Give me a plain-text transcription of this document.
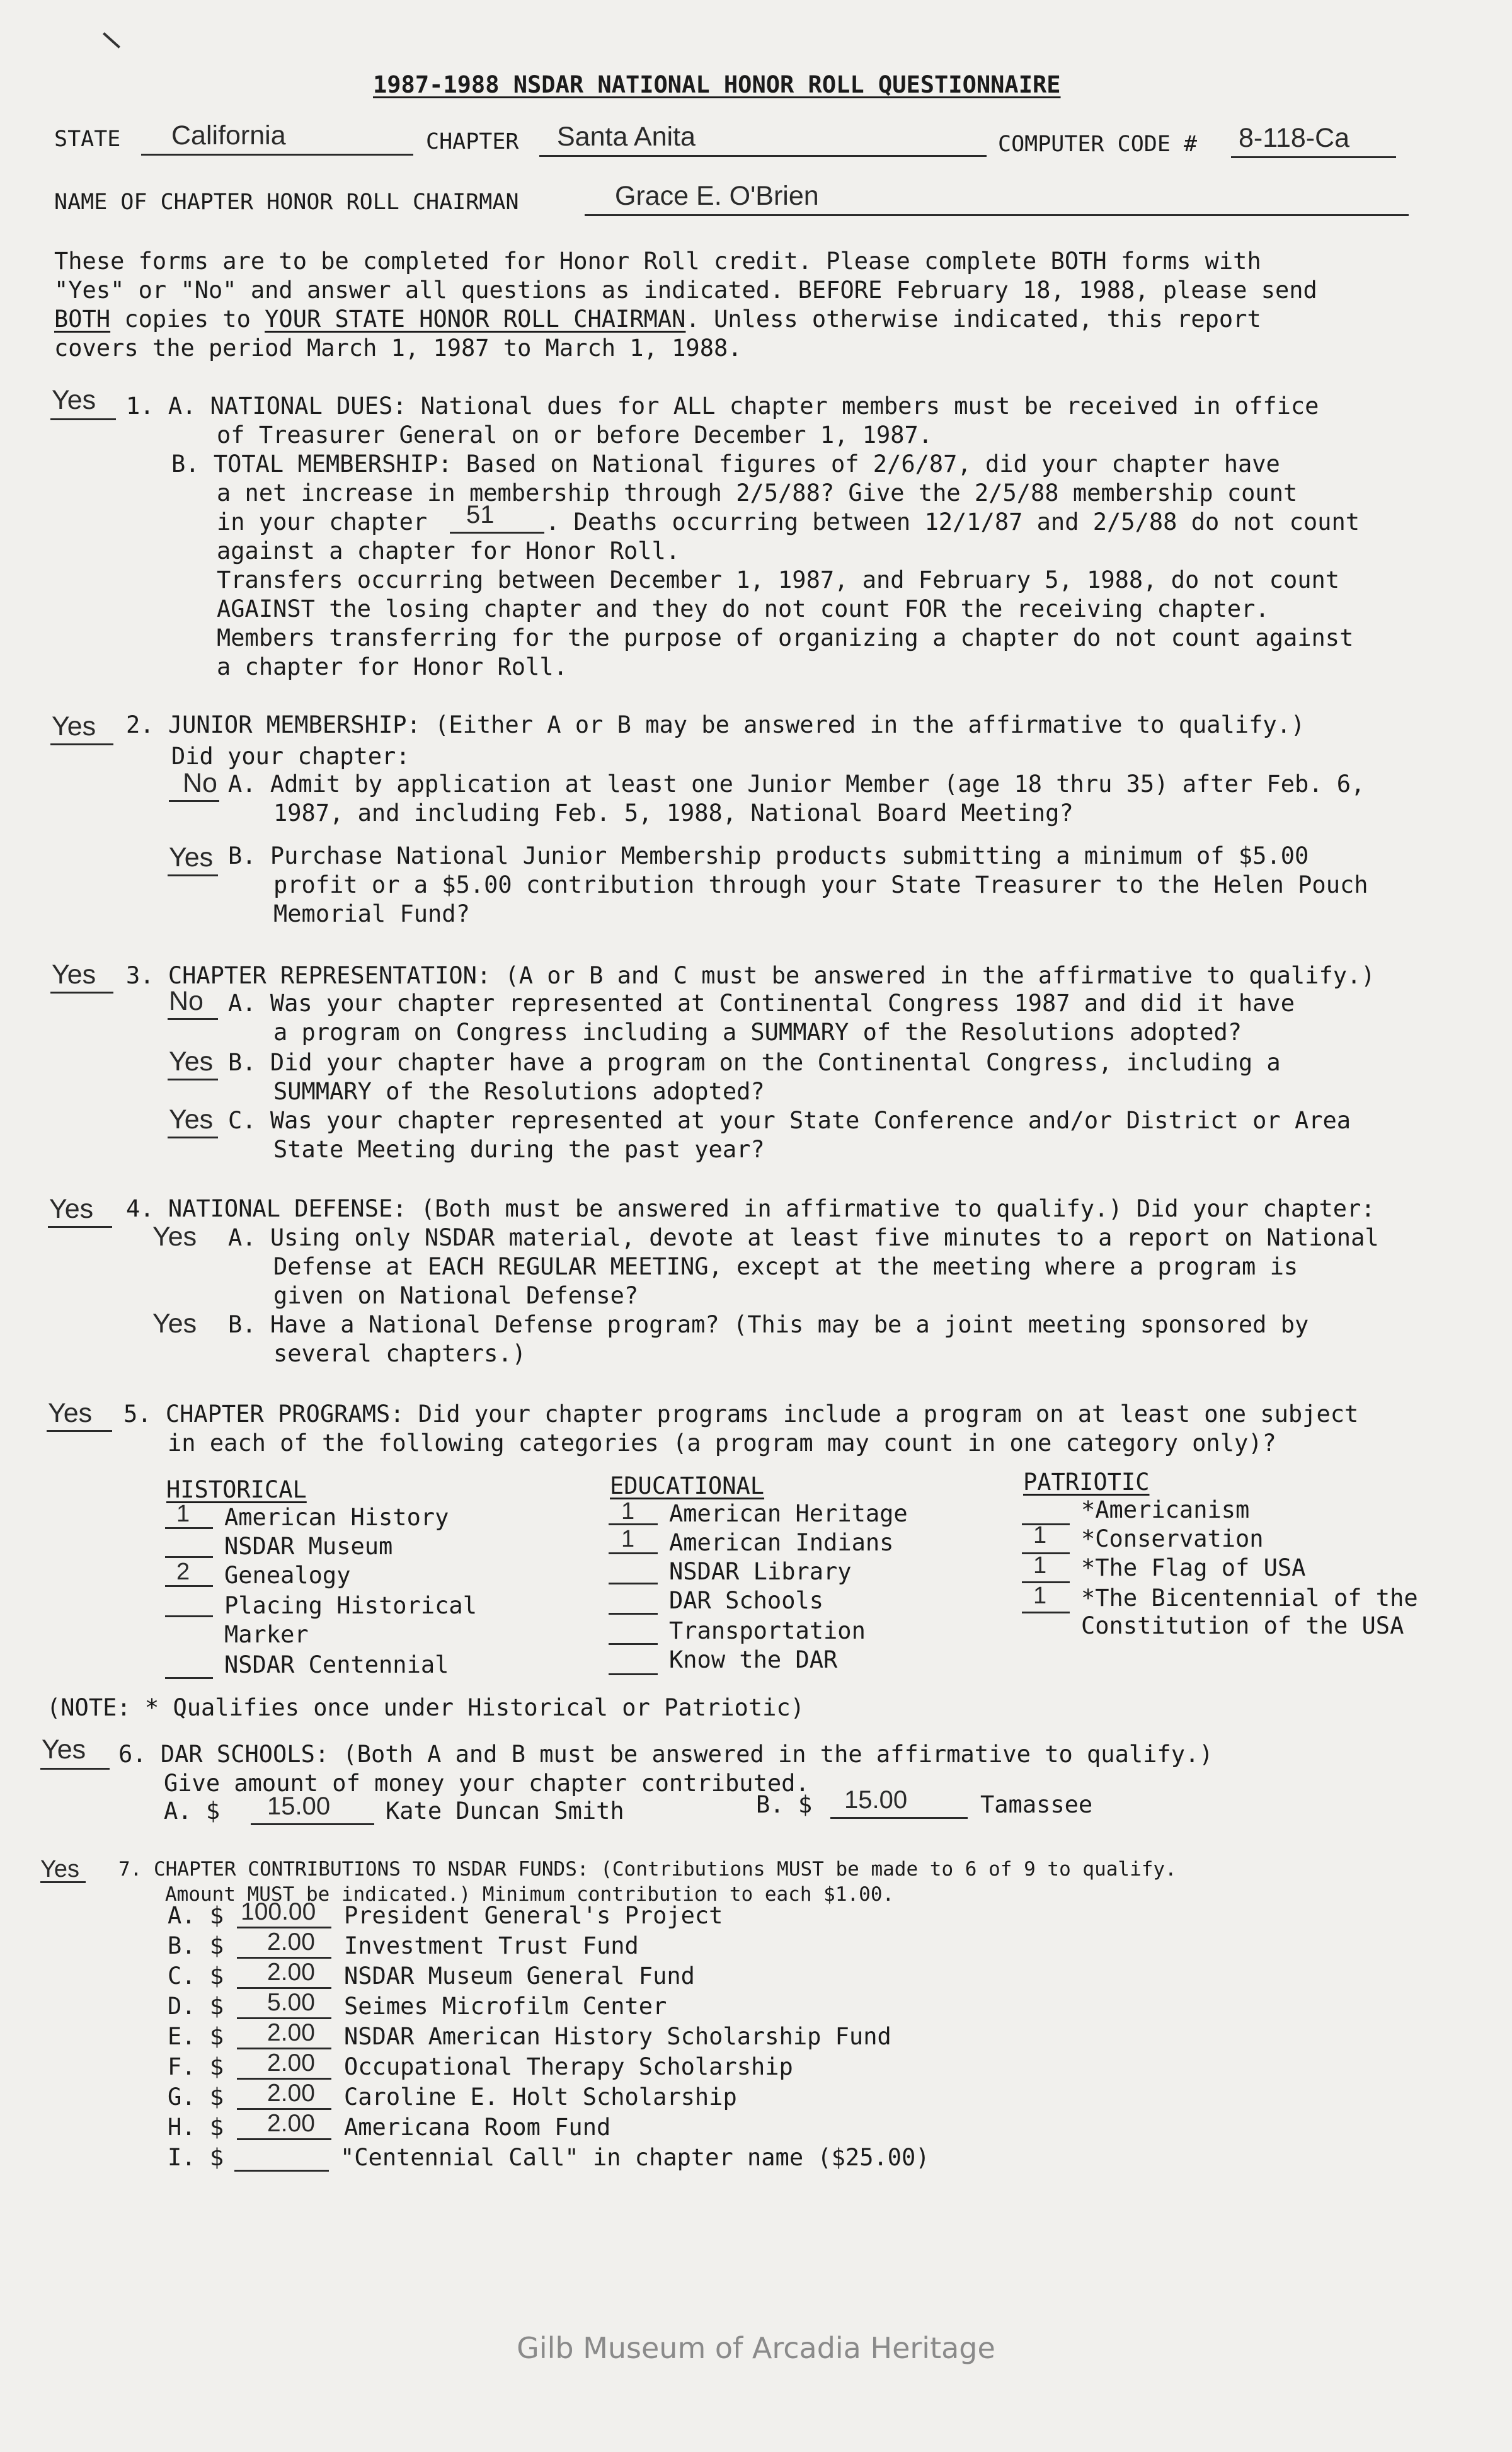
1987-1988 NSDAR NATIONAL HONOR ROLL QUESTIONNAIRE
STATE California	CHAPTER Santa Anita	COMPUTER CODE # 8-118-Ca
NAME OF CHAPTER HONOR ROLL CHAIRMAN	Grace E. O'Brien
These forms are to be completed for Honor Roll credit. Please complete BOTH forms with
"Yes" or "No" and answer all questions as indicated. BEFORE February 18, 1988, please send
BOTH copies to YOUR STATE HONOR ROLL CHAIRMAN. Unless otherwise indicated, this report
covers the period March 1, 1987 to March 1, 1988.
Yes 1. A. NATIONAL DUES: National dues for ALL chapter members must be received in office
of Treasurer General on or before December 1, 1987.
B. TOTAL MEMBERSHIP: Based on National figures of 2/6/87, did your chapter have
a net increase in membership through 2/5/88? Give the 2/5/88 membership count
in your chapter 51 . Deaths occurring between 12/1/87 and 2/5/88 do not count
against a chapter for Honor Roll.
Transfers occurring between December 1, 1987, and February 5, 1988, do not count
AGAINST the losing chapter and they do not count FOR the receiving chapter.
Members transferring for the purpose of organizing a chapter do not count against
a chapter for Honor Roll.
Yes 2. JUNIOR MEMBERSHIP: (Either A or B may be answered in the affirmative to qualify.)
Did your chapter:
No A. Admit by application at least one Junior Member (age 18 thru 35) after Feb. 6,
1987, and including Feb. 5, 1988, National Board Meeting?
Yes B. Purchase National Junior Membership products submitting a minimum of $5.00
profit or a $5.00 contribution through your State Treasurer to the Helen Pouch
Memorial Fund?
Yes 3. CHAPTER REPRESENTATION: (A or B and C must be answered in the affirmative to qualify.)
No A. Was your chapter represented at Continental Congress 1987 and did it have
a program on Congress including a SUMMARY of the Resolutions adopted?
Yes B. Did your chapter have a program on the Continental Congress, including a
SUMMARY of the Resolutions adopted?
Yes C. Was your chapter represented at your State Conference and/or District or Area
State Meeting during the past year?
Yes 4. NATIONAL DEFENSE: (Both must be answered in affirmative to qualify.) Did your chapter:
Yes A. Using only NSDAR material, devote at least five minutes to a report on National
Defense at EACH REGULAR MEETING, except at the meeting where a program is
given on National Defense?
Yes B. Have a National Defense program? (This may be a joint meeting sponsored by
several chapters.)
Yes 5. CHAPTER PROGRAMS: Did your chapter programs include a program on at least one subject
in each of the following categories (a program may count in one category only)?
HISTORICAL
1 American History
NSDAR Museum
2 Genealogy
Placing Historical
Marker
NSDAR Centennial
EDUCATIONAL
1 American Heritage
1 American Indians
NSDAR Library
DAR Schools
Transportation
Know the DAR
PATRIOTIC
*Americanism
1 *Conservation
1 *The Flag of USA
1 *The Bicentennial of the
Constitution of the USA
(NOTE: * Qualifies once under Historical or Patriotic)
Yes 6. DAR SCHOOLS: (Both A and B must be answered in the affirmative to qualify.)
Give amount of money your chapter contributed.
A. $ 15.00 Kate Duncan Smith	B. $ 15.00	Tamassee
Yes 7. CHAPTER CONTRIBUTIONS TO NSDAR FUNDS: (Contributions MUST be made to 6 of 9 to qualify.
Amount MUST be indicated.) Minimum contribution to each $1.00.
A. $ 100.00 President General's Project
B. $ 2.00 Investment Trust Fund
C. $ 2.00 NSDAR Museum General Fund
D. $ 5.00 Seimes Microfilm Center
E. $ 2.00 NSDAR American History Scholarship Fund
F. $ 2.00 Occupational Therapy Scholarship
G. $ 2.00 Caroline E. Holt Scholarship
H. $ 2.00 Americana Room Fund
I. $	"Centennial Call" in chapter name ($25.00)
Gilb Museum of Arcadia Heritage
